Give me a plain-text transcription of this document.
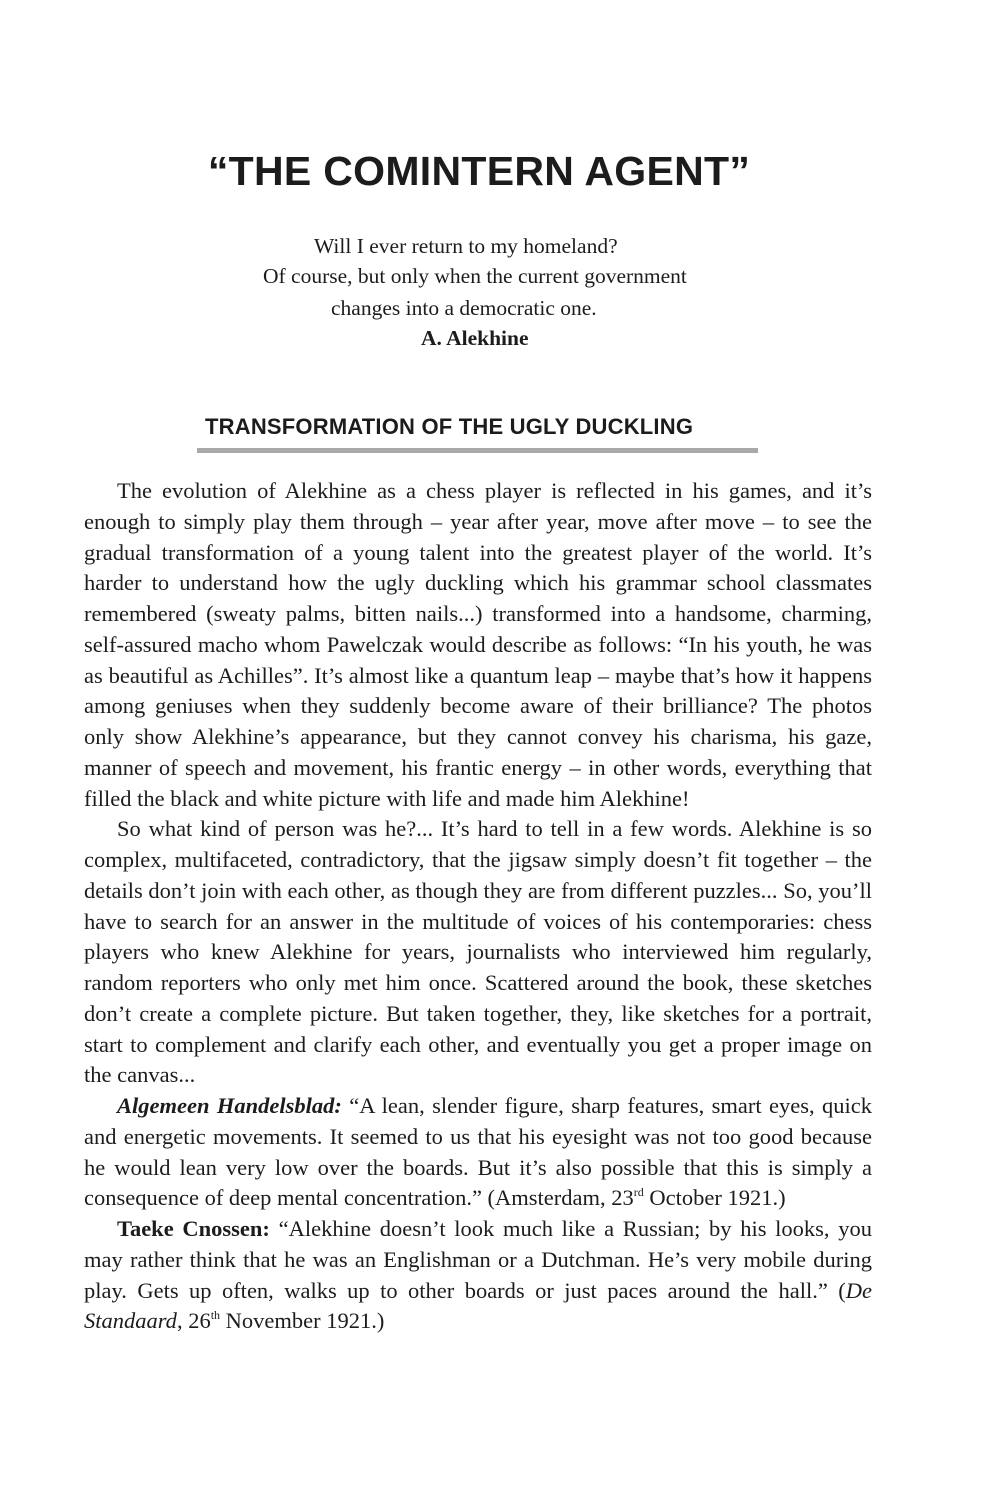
“THE COMINTERN AGENT”
Will I ever return to my homeland?
Of course, but only when the current government
changes into a democratic one.
A. Alekhine
TRANSFORMATION OF THE UGLY DUCKLING

The evolution of Alekhine as a chess player is reflected in his games, and it’s enough to simply play them through – year after year, move after move – to see the gradual transformation of a young talent into the greatest player of the world. It’s harder to understand how the ugly duckling which his grammar school classmates remembered (sweaty palms, bitten nails...) transformed into a handsome, charming, self-assured macho whom Pawelczak would describe as follows: “In his youth, he was as beautiful as Achilles”. It’s almost like a quantum leap – maybe that’s how it happens among geniuses when they suddenly become aware of their brilliance? The photos only show Alekhine’s appearance, but they cannot convey his charisma, his gaze, manner of speech and movement, his frantic energy – in other words, everything that filled the black and white picture with life and made him Alekhine!

So what kind of person was he?... It’s hard to tell in a few words. Alekhine is so complex, multifaceted, contradictory, that the jigsaw simply doesn’t fit together – the details don’t join with each other, as though they are from different puzzles... So, you’ll have to search for an answer in the multitude of voices of his contemporaries: chess players who knew Alekhine for years, journalists who interviewed him regularly, random reporters who only met him once. Scattered around the book, these sketches don’t create a complete picture. But taken together, they, like sketches for a portrait, start to complement and clarify each other, and eventually you get a proper image on the canvas...

Algemeen Handelsblad: “A lean, slender figure, sharp features, smart eyes, quick and energetic movements. It seemed to us that his eyesight was not too good because he would lean very low over the boards. But it’s also possible that this is simply a consequence of deep mental concentration.” (Amsterdam, 23rd October 1921.)

Taeke Cnossen: “Alekhine doesn’t look much like a Russian; by his looks, you may rather think that he was an Englishman or a Dutchman. He’s very mobile during play. Gets up often, walks up to other boards or just paces around the hall.” (De Standaard, 26th November 1921.)
